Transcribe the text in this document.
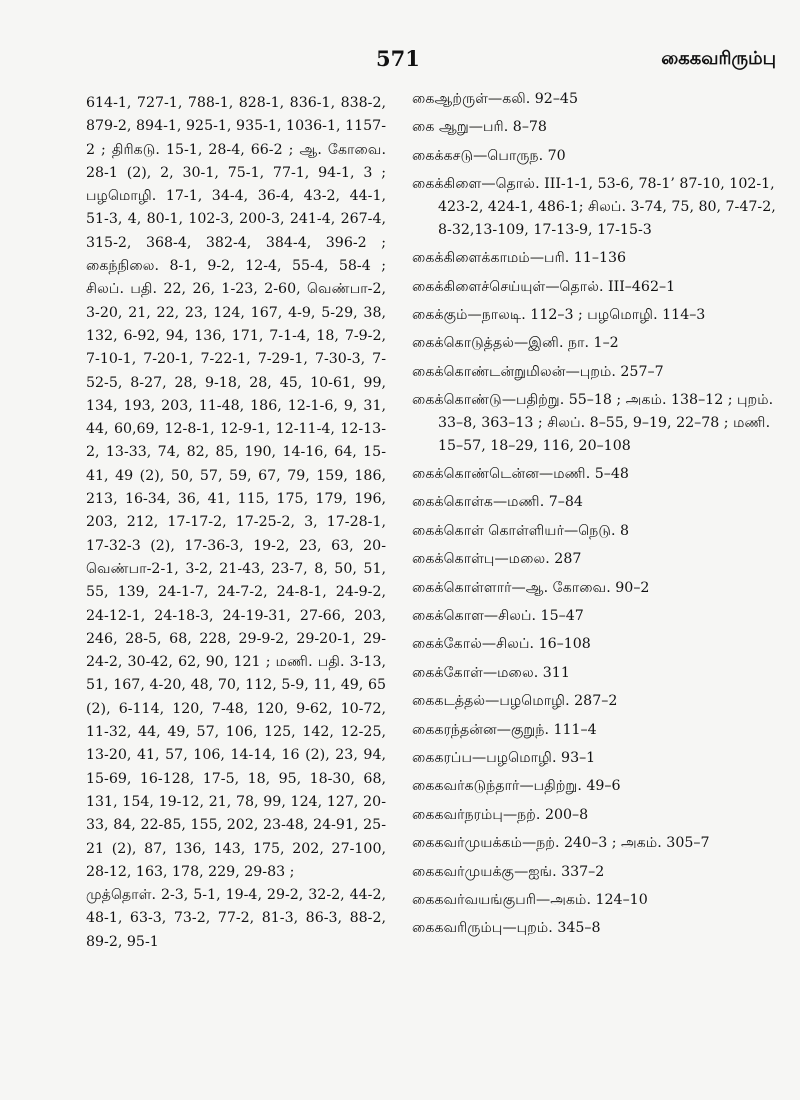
571	கைகவரிரும்பு

614-1, 727-1, 788-1, 828-1, 836-1, 838-2, 879-2, 894-1, 925-1, 935-1, 1036-1, 1157-2 ; திரிகடு. 15-1, 28-4, 66-2 ; ஆ. கோவை. 28-1 (2), 2, 30-1, 75-1, 77-1, 94-1, 3 ; பழமொழி. 17-1, 34-4, 36-4, 43-2, 44-1, 51-3, 4, 80-1, 102-3, 200-3, 241-4, 267-4, 315-2, 368-4, 382-4, 384-4, 396-2 ; கைந்நிலை. 8-1, 9-2, 12-4, 55-4, 58-4 ; சிலப். பதி. 22, 26, 1-23, 2-60, வெண்பா-2, 3-20, 21, 22, 23, 124, 167, 4-9, 5-29, 38, 132, 6-92, 94, 136, 171, 7-1-4, 18, 7-9-2, 7-10-1, 7-20-1, 7-22-1, 7-29-1, 7-30-3, 7-52-5, 8-27, 28, 9-18, 28, 45, 10-61, 99, 134, 193, 203, 11-48, 186, 12-1-6, 9, 31, 44, 60,69, 12-8-1, 12-9-1, 12-11-4, 12-13-2, 13-33, 74, 82, 85, 190, 14-16, 64, 15-41, 49 (2), 50, 57, 59, 67, 79, 159, 186, 213, 16-34, 36, 41, 115, 175, 179, 196, 203, 212, 17-17-2, 17-25-2, 3, 17-28-1, 17-32-3 (2), 17-36-3, 19-2, 23, 63, 20-வெண்பா-2-1, 3-2, 21-43, 23-7, 8, 50, 51, 55, 139, 24-1-7, 24-7-2, 24-8-1, 24-9-2, 24-12-1, 24-18-3, 24-19-31, 27-66, 203, 246, 28-5, 68, 228, 29-9-2, 29-20-1, 29-24-2, 30-42, 62, 90, 121 ; மணி. பதி. 3-13, 51, 167, 4-20, 48, 70, 112, 5-9, 11, 49, 65 (2), 6-114, 120, 7-48, 120, 9-62, 10-72, 11-32, 44, 49, 57, 106, 125, 142, 12-25, 13-20, 41, 57, 106, 14-14, 16 (2), 23, 94, 15-69, 16-128, 17-5, 18, 95, 18-30, 68, 131, 154, 19-12, 21, 78, 99, 124, 127, 20-33, 84, 22-85, 155, 202, 23-48, 24-91, 25-21 (2), 87, 136, 143, 175, 202, 27-100, 28-12, 163, 178, 229, 29-83 ;

முத்தொள். 2-3, 5-1, 19-4, 29-2, 32-2, 44-2, 48-1, 63-3, 73-2, 77-2, 81-3, 86-3, 88-2, 89-2, 95-1

கைஆற்ருள்—கலி. 92–45

கை ஆறு—பரி. 8–78

கைக்கசடு—பொருந. 70

கைக்கிளை—தொல். III-1-1, 53-6, 78-1’ 87-10, 102-1, 423-2, 424-1, 486-1; சிலப். 3-74, 75, 80, 7-47-2, 8-32,13-109, 17-13-9, 17-15-3

கைக்கிளைக்காமம்—பரி. 11–136

கைக்கிளைச்செய்யுள்—தொல். III–462–1

கைக்கும்—நாலடி. 112–3 ; பழமொழி. 114–3

கைக்கொடுத்தல்—இனி. நா. 1–2

கைக்கொண்டன்றுமிலன்—புறம். 257–7

கைக்கொண்டு—பதிற்று. 55–18 ; அகம். 138–12 ; புறம். 33–8, 363–13 ; சிலப். 8–55, 9–19, 22–78 ; மணி. 15–57, 18–29, 116, 20–108

கைக்கொண்டென்ன—மணி. 5–48

கைக்கொள்க—மணி. 7–84

கைக்கொள் கொள்ளியர்—நெடு. 8

கைக்கொள்பு—மலை. 287

கைக்கொள்ளார்—ஆ. கோவை. 90–2

கைக்கொள—சிலப். 15–47

கைக்கோல்—சிலப். 16–108

கைக்கோள்—மலை. 311

கைகடத்தல்—பழமொழி. 287–2

கைகரந்தன்ன—குறுந். 111–4

கைகரப்ப—பழமொழி. 93–1

கைகவர்கடுந்தார்—பதிற்று. 49–6

கைகவர்நரம்பு—நற். 200–8

கைகவர்முயக்கம்—நற். 240–3 ; அகம். 305–7

கைகவர்முயக்கு—ஐங். 337–2

கைகவர்வயங்குபரி—அகம். 124–10

கைகவரிரும்பு—புறம். 345–8
